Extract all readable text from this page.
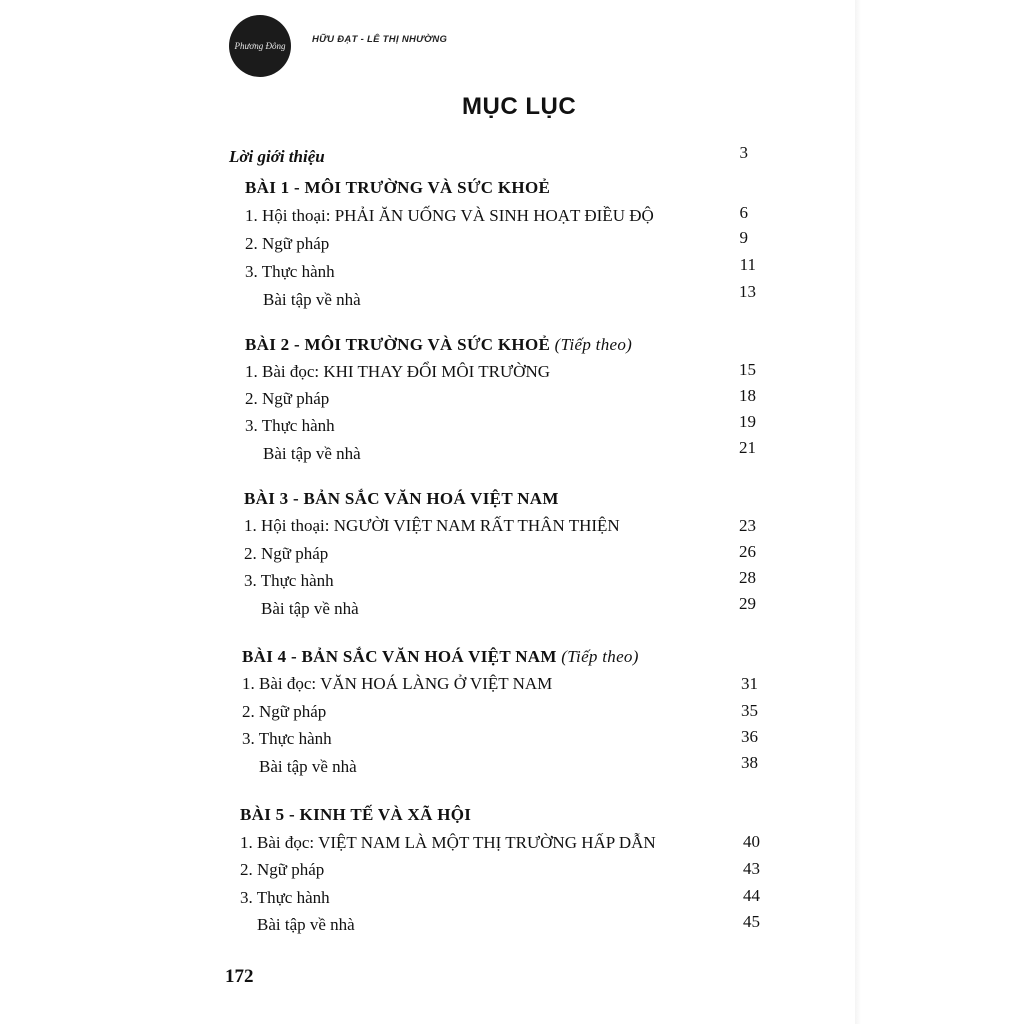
Phương Đông
HỮU ĐẠT - LÊ THỊ NHƯỜNG
MỤC LỤC
Lời giới thiệu	3
BÀI 1 - MÔI TRƯỜNG VÀ SỨC KHOẺ
1. Hội thoại: PHẢI ĂN UỐNG VÀ SINH HOẠT ĐIỀU ĐỘ	6
2. Ngữ pháp	9
3. Thực hành	11
Bài tập về nhà	13
BÀI 2 - MÔI TRƯỜNG VÀ SỨC KHOẺ (Tiếp theo)
1. Bài đọc: KHI THAY ĐỔI MÔI TRƯỜNG	15
2. Ngữ pháp	18
3. Thực hành	19
Bài tập về nhà	21
BÀI 3 - BẢN SẮC VĂN HOÁ VIỆT NAM
1. Hội thoại: NGƯỜI VIỆT NAM RẤT THÂN THIỆN	23
2. Ngữ pháp	26
3. Thực hành	28
Bài tập về nhà	29
BÀI 4 - BẢN SẮC VĂN HOÁ VIỆT NAM (Tiếp theo)
1. Bài đọc: VĂN HOÁ LÀNG Ở VIỆT NAM	31
2. Ngữ pháp	35
3. Thực hành	36
Bài tập về nhà	38
BÀI 5 - KINH TẾ VÀ XÃ HỘI
1. Bài đọc: VIỆT NAM LÀ MỘT THỊ TRƯỜNG HẤP DẪN	40
2. Ngữ pháp	43
3. Thực hành	44
Bài tập về nhà	45
172
